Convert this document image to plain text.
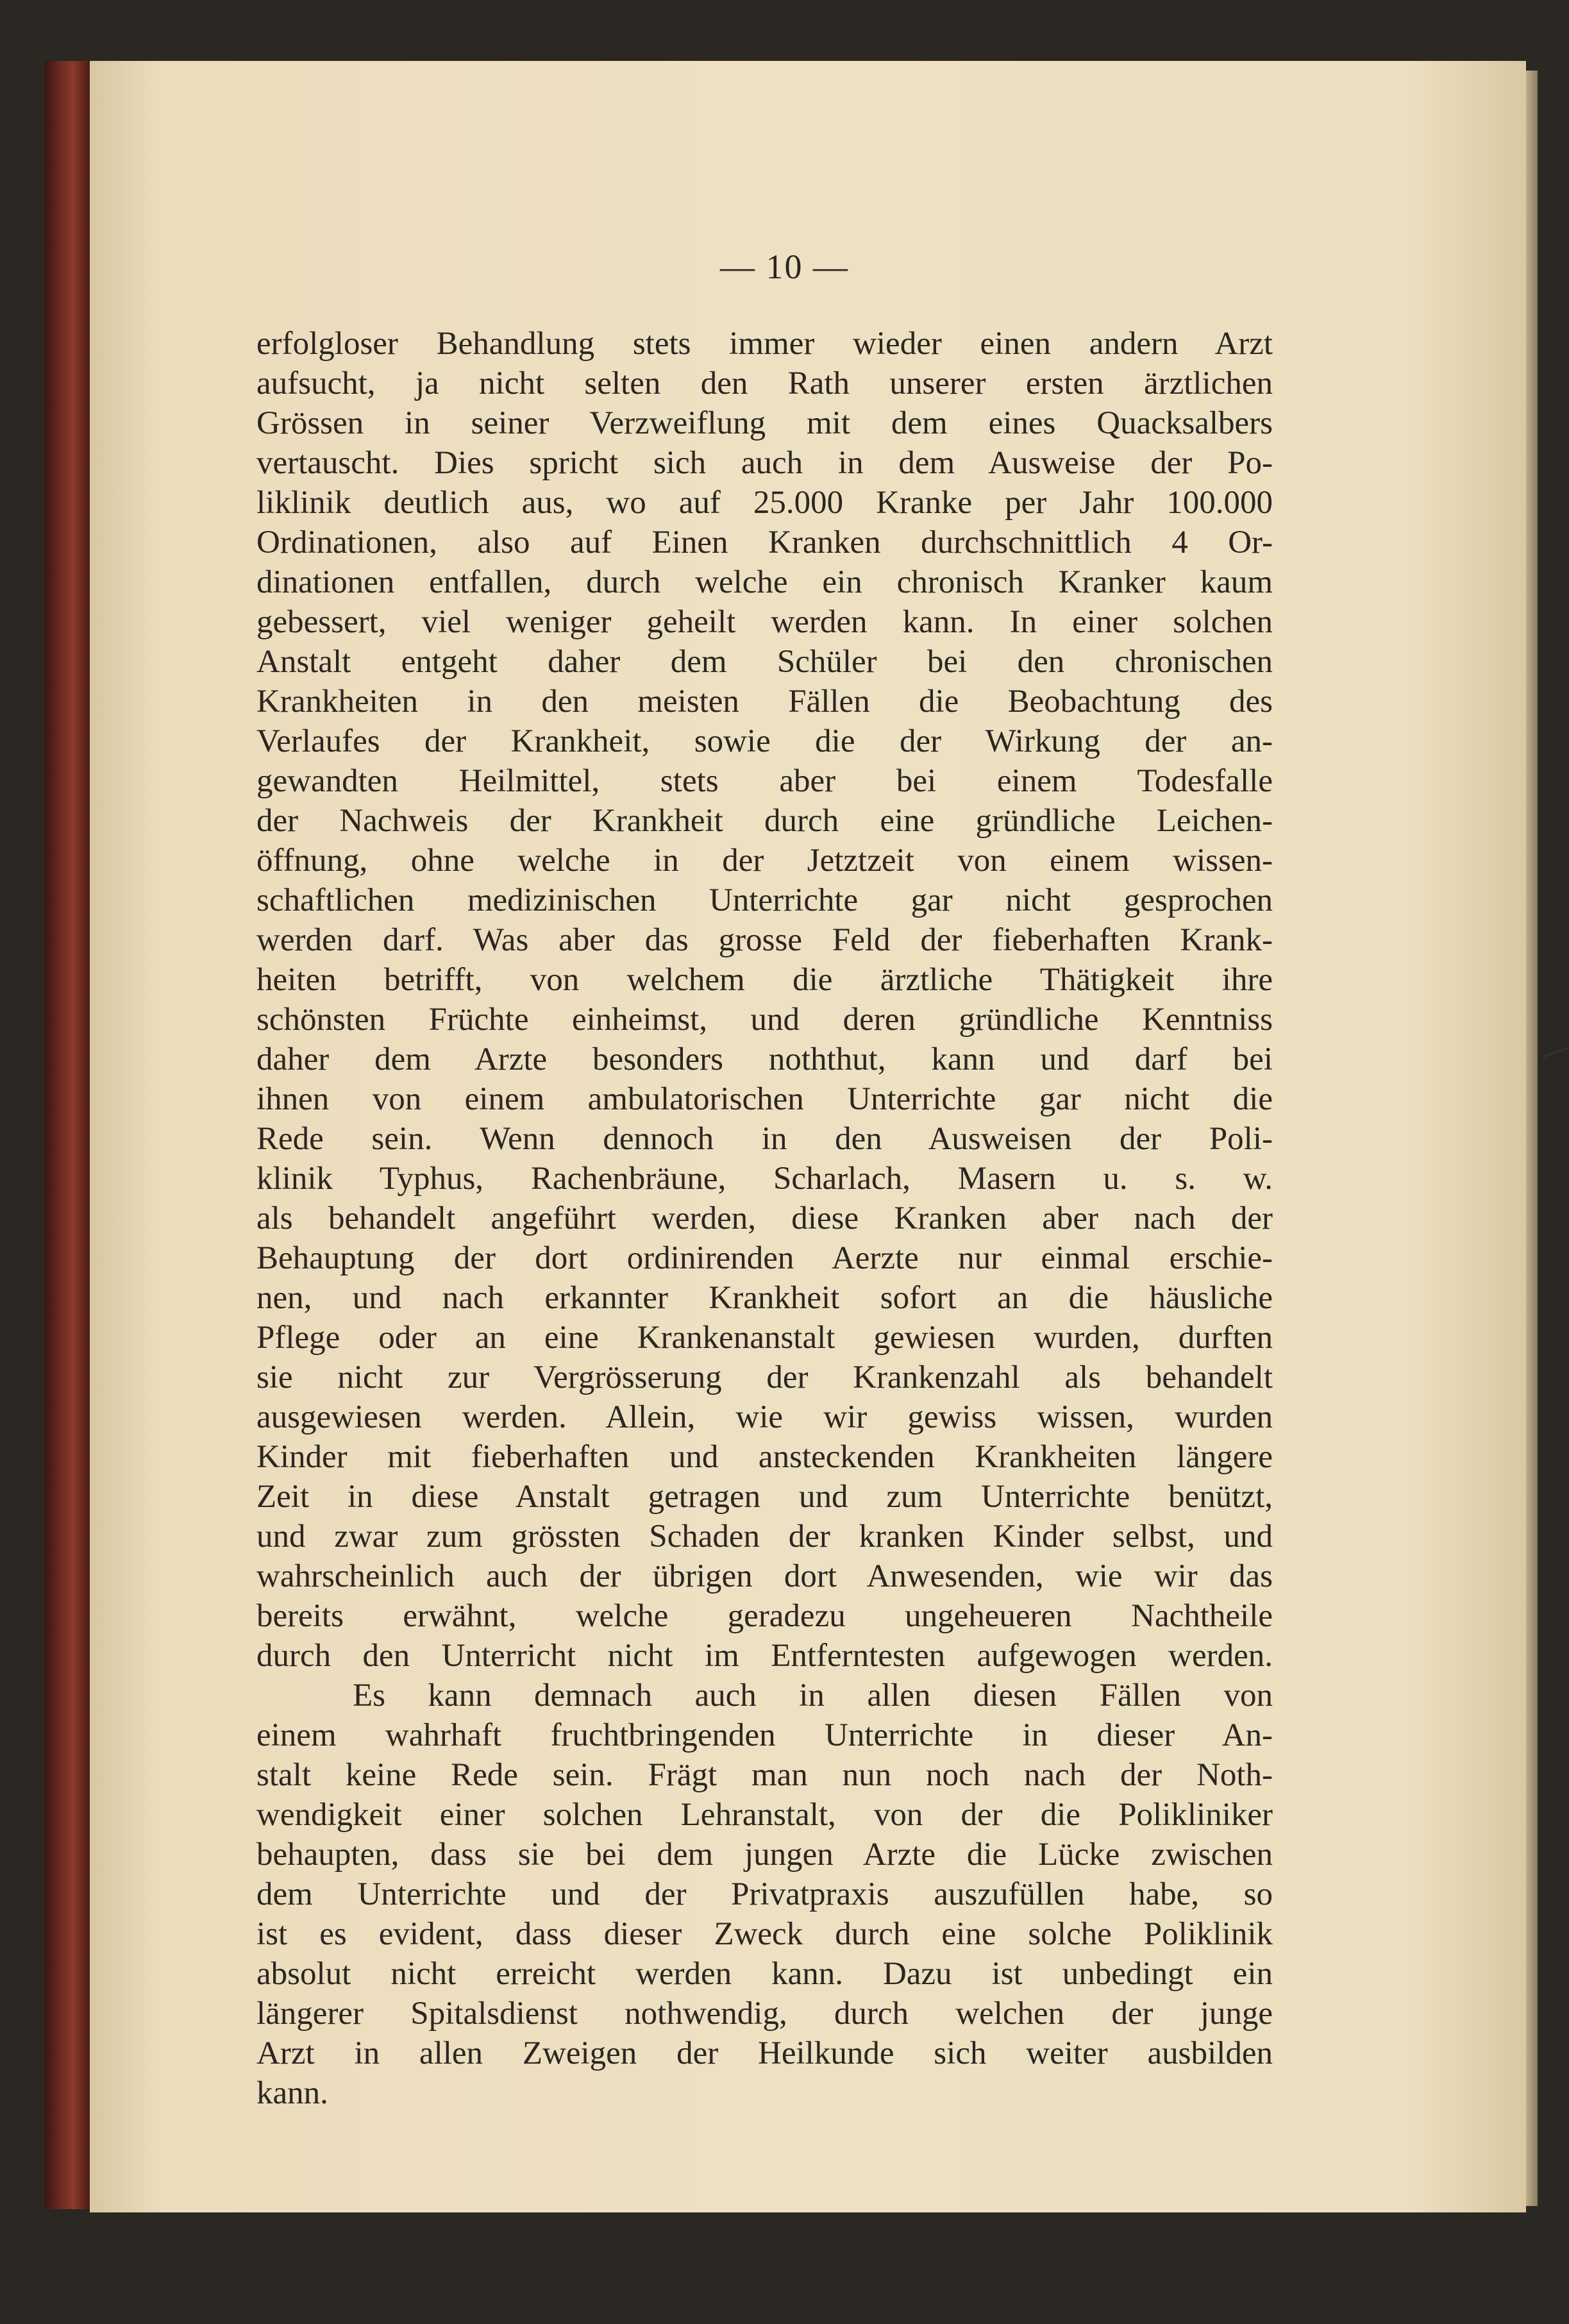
— 10 —
erfolgloser Behandlung stets immer wieder einen andern Arzt
aufsucht, ja nicht selten den Rath unserer ersten ärztlichen
Grössen in seiner Verzweiflung mit dem eines Quacksalbers
vertauscht. Dies spricht sich auch in dem Ausweise der Po-
liklinik deutlich aus, wo auf 25.000 Kranke per Jahr 100.000
Ordinationen, also auf Einen Kranken durchschnittlich 4 Or-
dinationen entfallen, durch welche ein chronisch Kranker kaum
gebessert, viel weniger geheilt werden kann. In einer solchen
Anstalt entgeht daher dem Schüler bei den chronischen
Krankheiten in den meisten Fällen die Beobachtung des
Verlaufes der Krankheit, sowie die der Wirkung der an-
gewandten Heilmittel, stets aber bei einem Todesfalle
der Nachweis der Krankheit durch eine gründliche Leichen-
öffnung, ohne welche in der Jetztzeit von einem wissen-
schaftlichen medizinischen Unterrichte gar nicht gesprochen
werden darf. Was aber das grosse Feld der fieberhaften Krank-
heiten betrifft, von welchem die ärztliche Thätigkeit ihre
schönsten Früchte einheimst, und deren gründliche Kenntniss
daher dem Arzte besonders noththut, kann und darf bei
ihnen von einem ambulatorischen Unterrichte gar nicht die
Rede sein. Wenn dennoch in den Ausweisen der Poli-
klinik Typhus, Rachenbräune, Scharlach, Masern u. s. w.
als behandelt angeführt werden, diese Kranken aber nach der
Behauptung der dort ordinirenden Aerzte nur einmal erschie-
nen, und nach erkannter Krankheit sofort an die häusliche
Pflege oder an eine Krankenanstalt gewiesen wurden, durften
sie nicht zur Vergrösserung der Krankenzahl als behandelt
ausgewiesen werden. Allein, wie wir gewiss wissen, wurden
Kinder mit fieberhaften und ansteckenden Krankheiten längere
Zeit in diese Anstalt getragen und zum Unterrichte benützt,
und zwar zum grössten Schaden der kranken Kinder selbst, und
wahrscheinlich auch der übrigen dort Anwesenden, wie wir das
bereits erwähnt, welche geradezu ungeheueren Nachtheile
durch den Unterricht nicht im Entferntesten aufgewogen werden.
Es kann demnach auch in allen diesen Fällen von
einem wahrhaft fruchtbringenden Unterrichte in dieser An-
stalt keine Rede sein. Frägt man nun noch nach der Noth-
wendigkeit einer solchen Lehranstalt, von der die Polikliniker
behaupten, dass sie bei dem jungen Arzte die Lücke zwischen
dem Unterrichte und der Privatpraxis auszufüllen habe, so
ist es evident, dass dieser Zweck durch eine solche Poliklinik
absolut nicht erreicht werden kann. Dazu ist unbedingt ein
längerer Spitalsdienst nothwendig, durch welchen der junge
Arzt in allen Zweigen der Heilkunde sich weiter ausbilden
kann.
